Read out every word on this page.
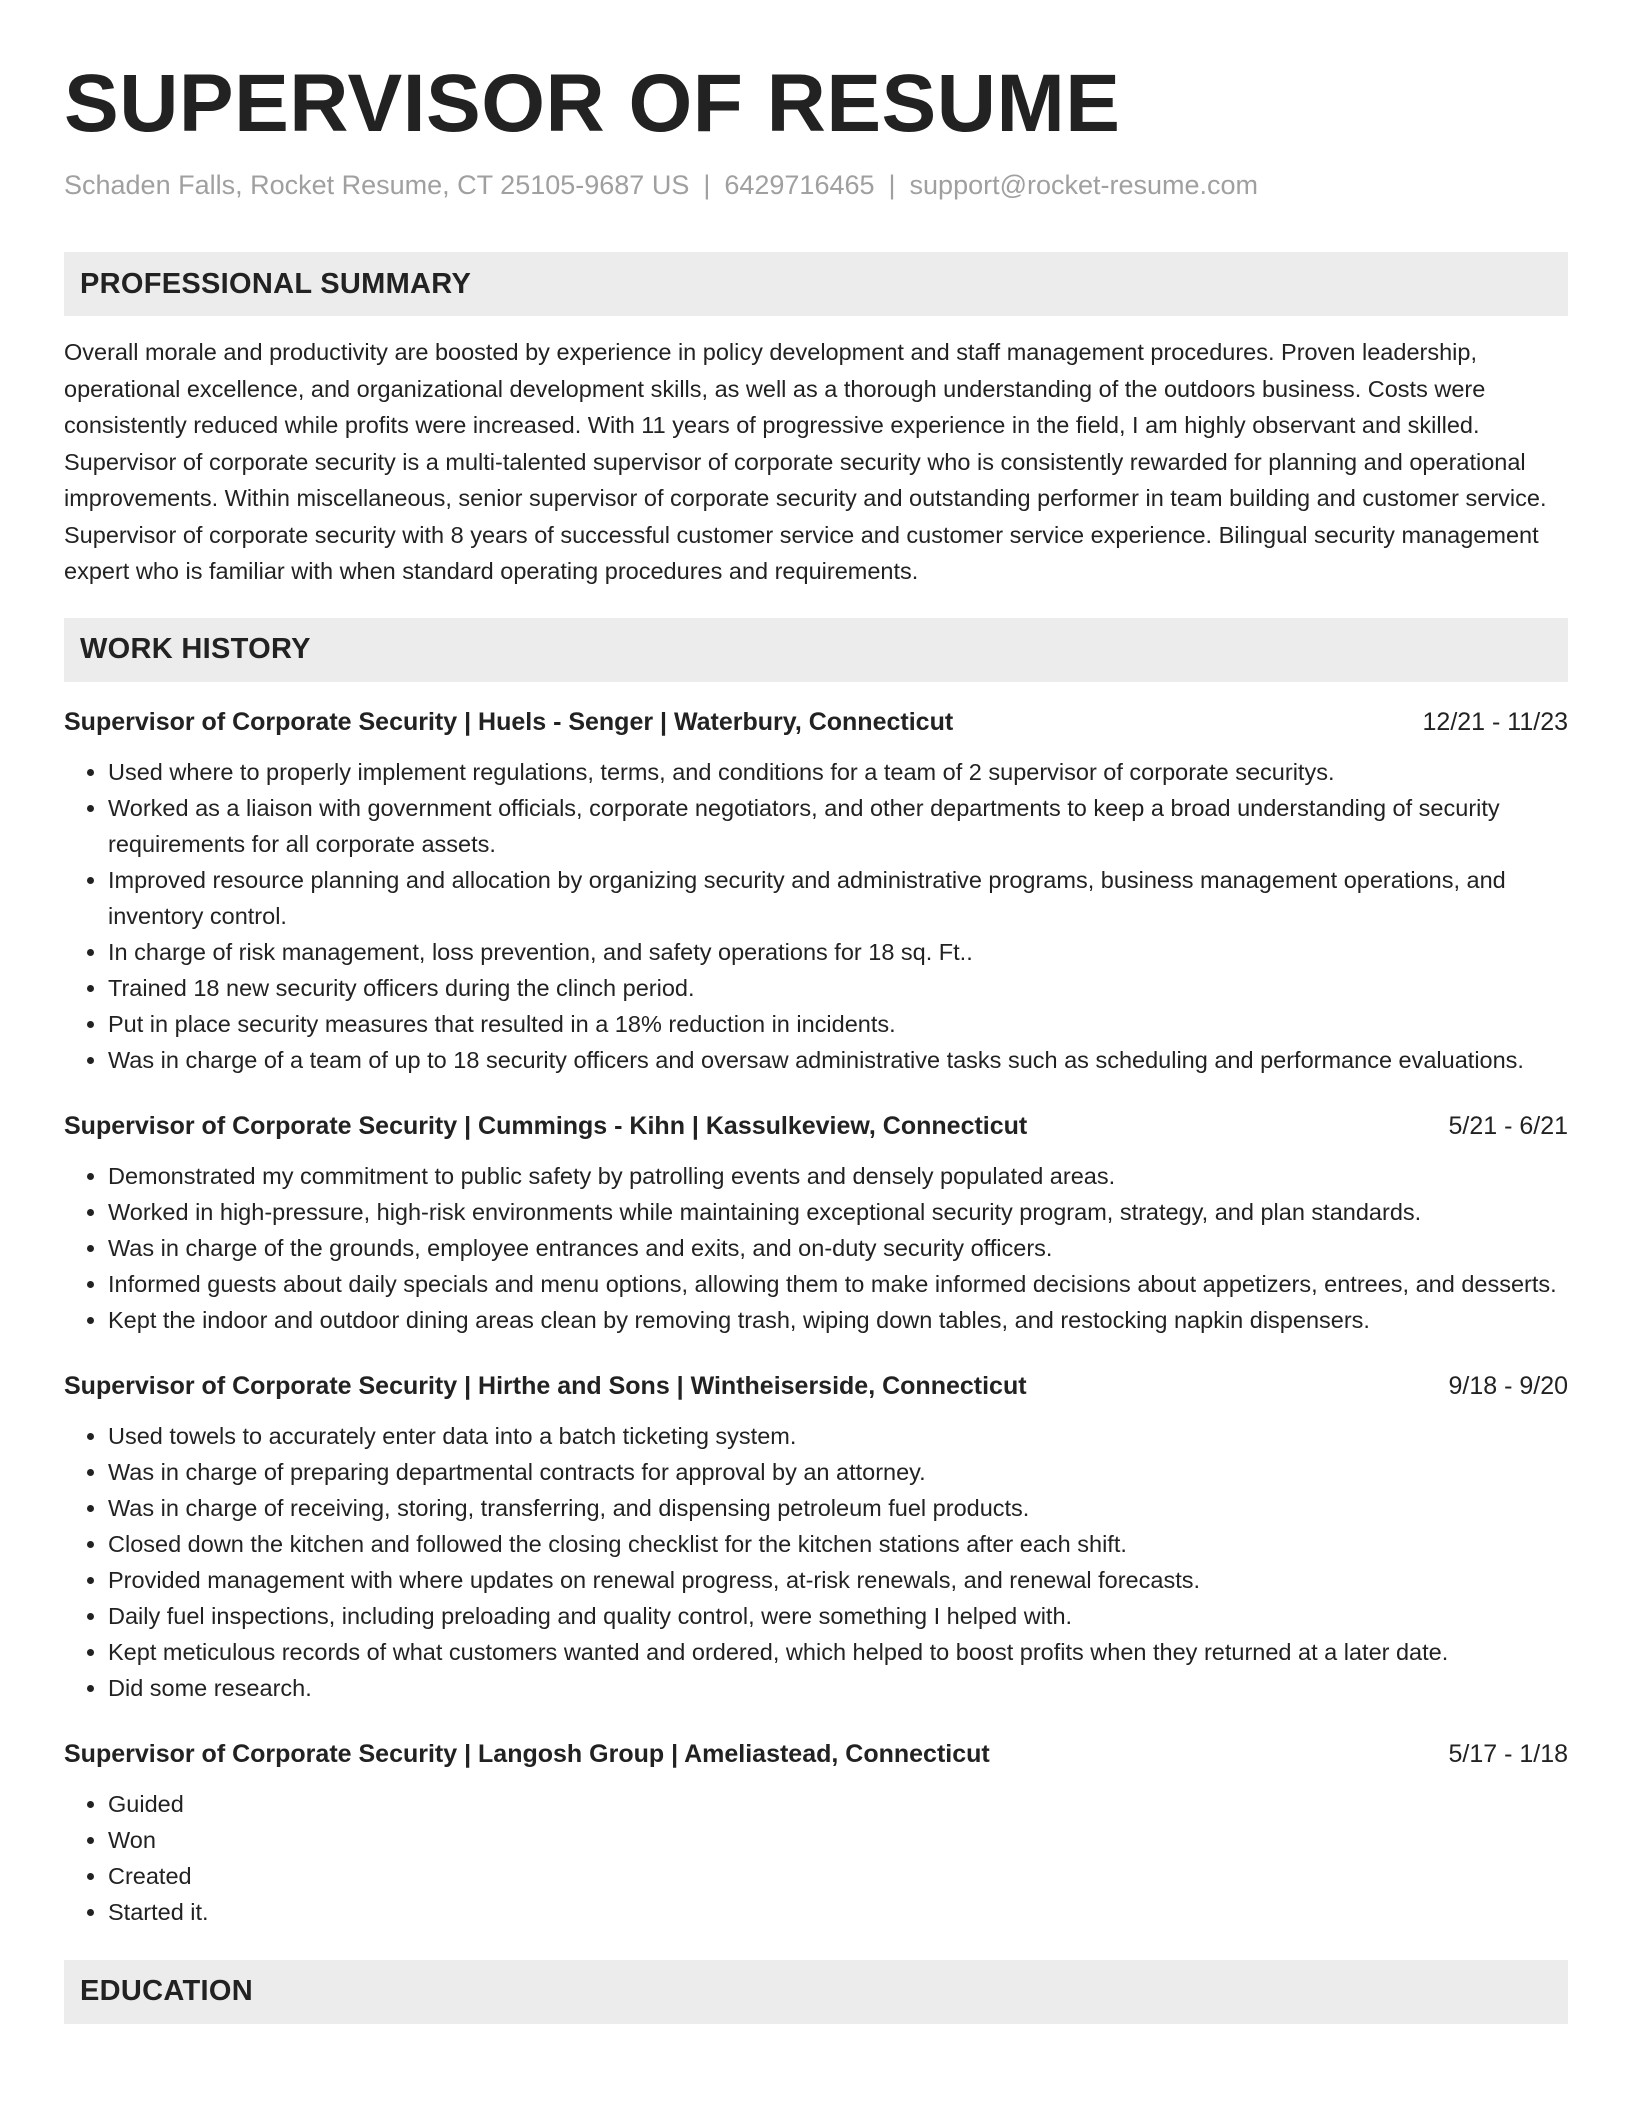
SUPERVISOR OF RESUME
Schaden Falls, Rocket Resume, CT 25105-9687 US | 6429716465 | support@rocket-resume.com
PROFESSIONAL SUMMARY

Overall morale and productivity are boosted by experience in policy development and staff management procedures. Proven leadership, operational excellence, and organizational development skills, as well as a thorough understanding of the outdoors business. Costs were consistently reduced while profits were increased. With 11 years of progressive experience in the field, I am highly observant and skilled. Supervisor of corporate security is a multi-talented supervisor of corporate security who is consistently rewarded for planning and operational improvements. Within miscellaneous, senior supervisor of corporate security and outstanding performer in team building and customer service. Supervisor of corporate security with 8 years of successful customer service and customer service experience. Bilingual security management expert who is familiar with when standard operating procedures and requirements.

WORK HISTORY
Supervisor of Corporate Security | Huels - Senger | Waterbury, Connecticut	12/21 - 11/23
• Used where to properly implement regulations, terms, and conditions for a team of 2 supervisor of corporate securitys.
• Worked as a liaison with government officials, corporate negotiators, and other departments to keep a broad understanding of security requirements for all corporate assets.
• Improved resource planning and allocation by organizing security and administrative programs, business management operations, and inventory control.
• In charge of risk management, loss prevention, and safety operations for 18 sq. Ft..
• Trained 18 new security officers during the clinch period.
• Put in place security measures that resulted in a 18% reduction in incidents.
• Was in charge of a team of up to 18 security officers and oversaw administrative tasks such as scheduling and performance evaluations.
Supervisor of Corporate Security | Cummings - Kihn | Kassulkeview, Connecticut	5/21 - 6/21
• Demonstrated my commitment to public safety by patrolling events and densely populated areas.
• Worked in high-pressure, high-risk environments while maintaining exceptional security program, strategy, and plan standards.
• Was in charge of the grounds, employee entrances and exits, and on-duty security officers.
• Informed guests about daily specials and menu options, allowing them to make informed decisions about appetizers, entrees, and desserts.
• Kept the indoor and outdoor dining areas clean by removing trash, wiping down tables, and restocking napkin dispensers.
Supervisor of Corporate Security | Hirthe and Sons | Wintheiserside, Connecticut	9/18 - 9/20
• Used towels to accurately enter data into a batch ticketing system.
• Was in charge of preparing departmental contracts for approval by an attorney.
• Was in charge of receiving, storing, transferring, and dispensing petroleum fuel products.
• Closed down the kitchen and followed the closing checklist for the kitchen stations after each shift.
• Provided management with where updates on renewal progress, at-risk renewals, and renewal forecasts.
• Daily fuel inspections, including preloading and quality control, were something I helped with.
• Kept meticulous records of what customers wanted and ordered, which helped to boost profits when they returned at a later date.
• Did some research.
Supervisor of Corporate Security | Langosh Group | Ameliastead, Connecticut	5/17 - 1/18
• Guided
• Won
• Created
• Started it.
EDUCATION
